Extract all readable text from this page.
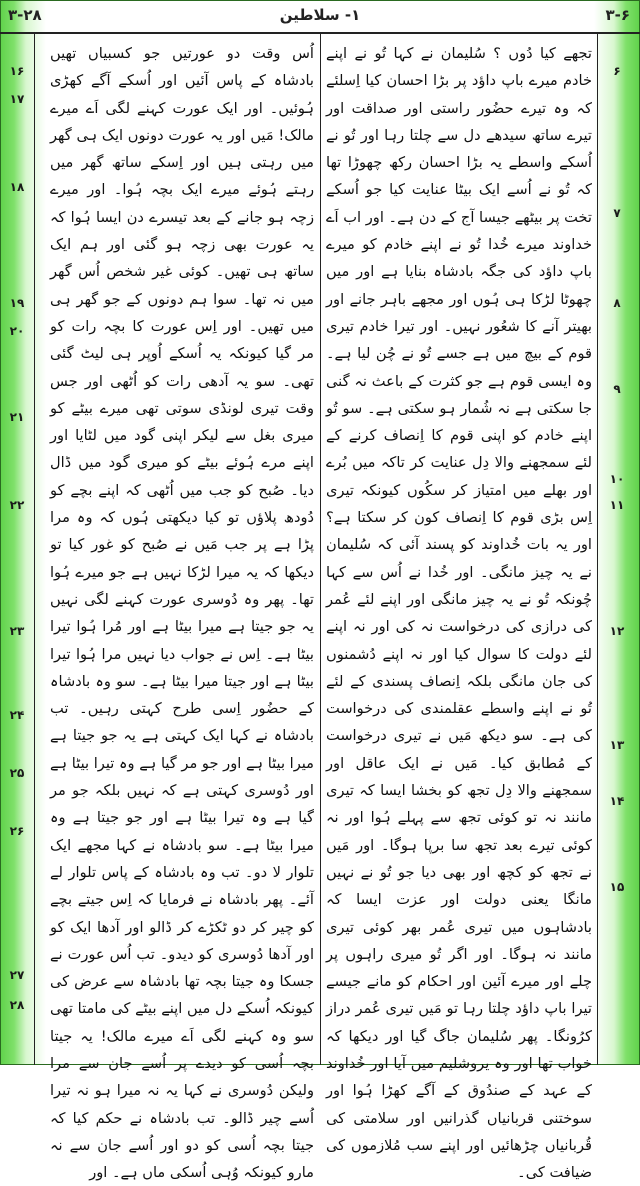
۳-۲۸	۱- سلاطین	۳-۶

تجھے کیا دُوں ؟ سُلیمان نے کہا تُو نے اپنے خادم میرے باپ داؤد پر بڑا احسان کیا اِسلئے کہ وہ تیرے حضُور راستی اور صداقت اور تیرے ساتھ سیدھے دل سے چلتا رہا اور تُو نے اُسکے واسطے یہ بڑا احسان رکھ چھوڑا تھا کہ تُو نے اُسے ایک بیٹا عنایت کیا جو اُسکے تخت پر بیٹھے جیسا آج کے دن ہے۔ اور اب اَے خداوند میرے خُدا تُو نے اپنے خادم کو میرے باپ داؤد کی جگہ بادشاہ بنایا ہے اور میں چھوٹا لڑکا ہی ہُوں اور مجھے باہر جانے اور بھیتر آنے کا شعُور نہیں۔ اور تیرا خادم تیری قوم کے بیچ میں ہے جسے تُو نے چُن لیا ہے۔ وہ ایسی قوم ہے جو کثرت کے باعث نہ گنی جا سکتی ہے نہ شُمار ہو سکتی ہے۔ سو تُو اپنے خادم کو اپنی قوم کا اِنصاف کرنے کے لئے سمجھنے والا دِل عنایت کر تاکہ میں بُرے اور بھلے میں امتیاز کر سکُوں کیونکہ تیری اِس بڑی قوم کا اِنصاف کون کر سکتا ہے؟ اور یہ بات خُداوند کو پسند آئی کہ سُلیمان نے یہ چیز مانگی۔ اور خُدا نے اُس سے کہا چُونکہ تُو نے یہ چیز مانگی اور اپنے لئے عُمر کی درازی کی درخواست نہ کی اور نہ اپنے لئے دولت کا سوال کیا اور نہ اپنے دُشمنوں کی جان مانگی بلکہ اِنصاف پسندی کے لئے تُو نے اپنے واسطے عقلمندی کی درخواست کی ہے۔ سو دیکھ مَیں نے تیری درخواست کے مُطابق کیا۔ مَیں نے ایک عاقل اور سمجھنے والا دِل تجھ کو بخشا ایسا کہ تیری مانند نہ تو کوئی تجھ سے پہلے ہُوا اور نہ کوئی تیرے بعد تجھ سا برپا ہوگا۔ اور مَیں نے تجھ کو کچھ اور بھی دیا جو تُو نے نہیں مانگا یعنی دولت اور عزت ایسا کہ بادشاہوں میں تیری عُمر بھر کوئی تیری مانند نہ ہوگا۔ اور اگر تُو میری راہوں پر چلے اور میرے آئین اور احکام کو مانے جیسے تیرا باپ داؤد چلتا رہا تو مَیں تیری عُمر دراز کرُونگا۔ پھر سُلیمان جاگ گیا اور دیکھا کہ خواب تھا اور وہ یروشلیم میں آیا اور خُداوند کے عہد کے صندُوق کے آگے کھڑا ہُوا اور سوختنی قربانیاں گذرانیں اور سلامتی کی قُربانیاں چڑھائیں اور اپنے سب مُلازموں کی ضیافت کی۔

اُس وقت دو عورتیں جو کسبیاں تھیں بادشاہ کے پاس آئیں اور اُسکے آگے کھڑی ہُوئیں۔ اور ایک عورت کہنے لگی اَے میرے مالک! مَیں اور یہ عورت دونوں ایک ہی گھر میں رہتی ہیں اور اِسکے ساتھ گھر میں رہتے ہُوئے میرے ایک بچہ ہُوا۔ اور میرے زچہ ہو جانے کے بعد تیسرے دن ایسا ہُوا کہ یہ عورت بھی زچہ ہو گئی اور ہم ایک ساتھ ہی تھیں۔ کوئی غیر شخص اُس گھر میں نہ تھا۔ سوا ہم دونوں کے جو گھر ہی میں تھیں۔ اور اِس عورت کا بچہ رات کو مر گیا کیونکہ یہ اُسکے اُوپر ہی لیٹ گئی تھی۔ سو یہ آدھی رات کو اُٹھی اور جس وقت تیری لونڈی سوتی تھی میرے بیٹے کو میری بغل سے لیکر اپنی گود میں لٹایا اور اپنے مرے ہُوئے بیٹے کو میری گود میں ڈال دیا۔ صُبح کو جب میں اُٹھی کہ اپنے بچے کو دُودھ پلاؤں تو کیا دیکھتی ہُوں کہ وہ مرا پڑا ہے پر جب مَیں نے صُبح کو غور کیا تو دیکھا کہ یہ میرا لڑکا نہیں ہے جو میرے ہُوا تھا۔ پھر وہ دُوسری عورت کہنے لگی نہیں یہ جو جیتا ہے میرا بیٹا ہے اور مُرا ہُوا تیرا بیٹا ہے۔ اِس نے جواب دیا نہیں مرا ہُوا تیرا بیٹا ہے اور جیتا میرا بیٹا ہے۔ سو وہ بادشاہ کے حضُور اِسی طرح کہتی رہیں۔ تب بادشاہ نے کہا ایک کہتی ہے یہ جو جیتا ہے میرا بیٹا ہے اور جو مر گیا ہے وہ تیرا بیٹا ہے اور دُوسری کہتی ہے کہ نہیں بلکہ جو مر گیا ہے وہ تیرا بیٹا ہے اور جو جیتا ہے وہ میرا بیٹا ہے۔ سو بادشاہ نے کہا مجھے ایک تلوار لا دو۔ تب وہ بادشاہ کے پاس تلوار لے آئے۔ پھر بادشاہ نے فرمایا کہ اِس جیتے بچے کو چیر کر دو ٹکڑے کر ڈالو اور آدھا ایک کو اور آدھا دُوسری کو دیدو۔ تب اُس عورت نے جسکا وہ جیتا بچہ تھا بادشاہ سے عرض کی کیونکہ اُسکے دل میں اپنے بیٹے کی مامتا تھی سو وہ کہنے لگی اَے میرے مالک! یہ جیتا بچہ اُسی کو دیدے پر اُسے جان سے مرا ولیکن دُوسری نے کہا یہ نہ میرا ہو نہ تیرا اُسے چیر ڈالو۔ تب بادشاہ نے حکم کیا کہ جیتا بچہ اُسی کو دو اور اُسے جان سے نہ مارو کیونکہ وُہی اُسکی ماں ہے۔ اور

۶
۷
۸
۹
۱۰
۱۱
۱۲
۱۳
۱۴
۱۵
۱۶
۱۷
۱۸
۱۹
۲۰
۲۱
۲۲
۲۳
۲۴
۲۵
۲۶
۲۷
۲۸
